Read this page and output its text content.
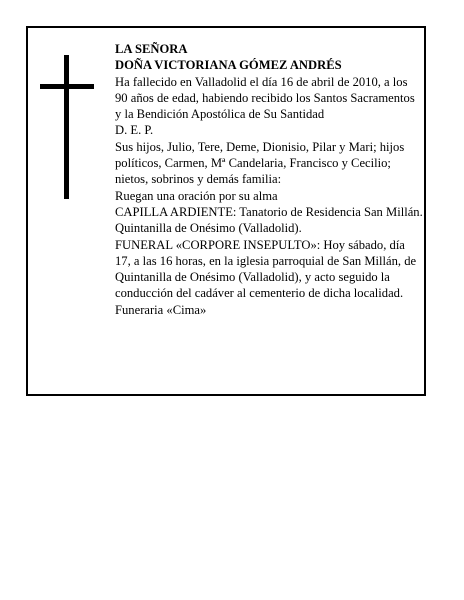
LA SEÑORA

DOÑA VICTORIANA GÓMEZ ANDRÉS

Ha fallecido en Valladolid el día 16 de abril de 2010, a los 90 años de edad, habiendo recibido los Santos Sacramentos y la Bendición Apostólica de Su Santidad

D. E. P.

Sus hijos, Julio, Tere, Deme, Dionisio, Pilar y Mari; hijos políticos, Carmen, Mª Candelaria, Francisco y Cecilio; nietos, sobrinos y demás familia:

Ruegan una oración por su alma

CAPILLA ARDIENTE: Tanatorio de Residencia San Millán. Quintanilla de Onésimo (Valladolid).

FUNERAL «CORPORE INSEPULTO»: Hoy sábado, día 17, a las 16 horas, en la iglesia parroquial de San Millán, de Quintanilla de Onésimo (Valladolid), y acto seguido la conducción del cadáver al cementerio de dicha localidad.

Funeraria «Cima»
